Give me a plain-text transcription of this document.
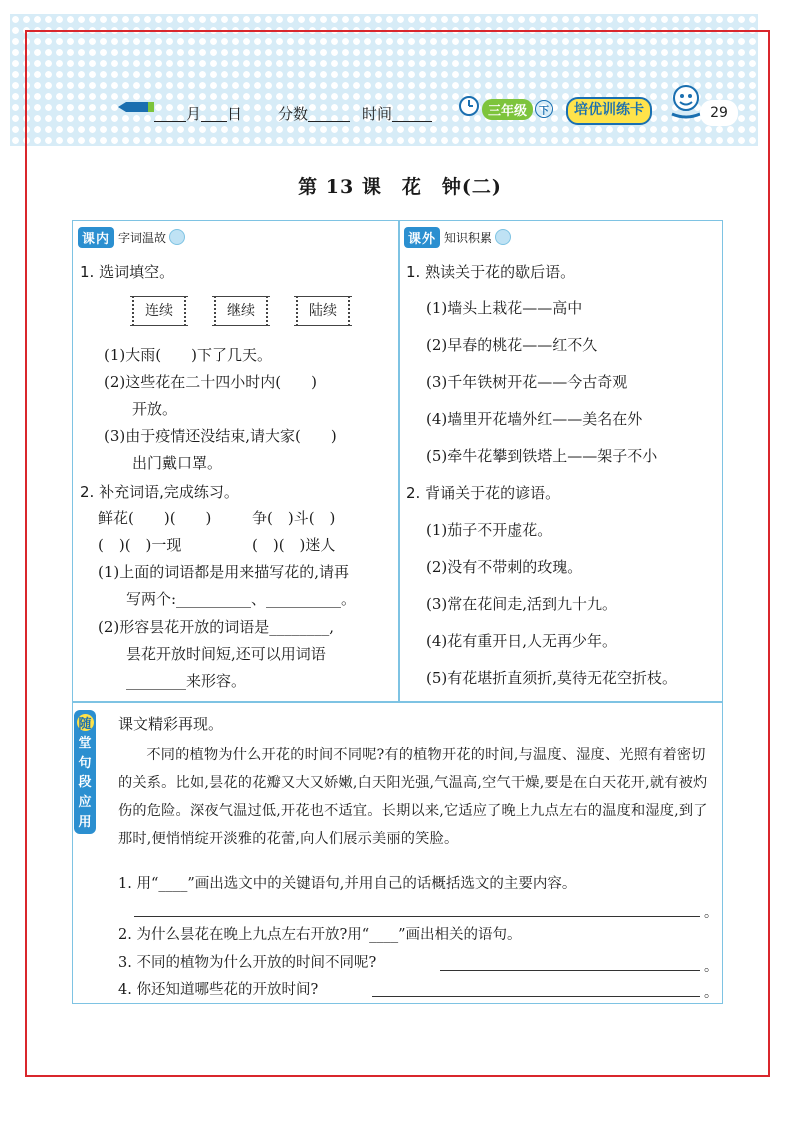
月 日 分数	时间	三年级	下	培优训练卡	29
第 13 课　花　钟(二)
课内 字词温故
1. 选词填空。
连续	继续	陆续
(1)大雨(　　)下了几天。
(2)这些花在二十四小时内(　　)
开放。
(3)由于疫情还没结束,请大家(　　)
出门戴口罩。
2. 补充词语,完成练习。
鲜花(　　)(　　)	争(　)斗(　)
(　)(　)一现	(　)(　)迷人
(1)上面的词语都是用来描写花的,请再
写两个:__________、__________。
(2)形容昙花开放的词语是________,
昙花开放时间短,还可以用词语
________来形容。
课外 知识积累
1. 熟读关于花的歇后语。
(1)墙头上栽花——高中
(2)早春的桃花——红不久
(3)千年铁树开花——今古奇观
(4)墙里开花墙外红——美名在外
(5)牵牛花攀到铁塔上——架子不小
2. 背诵关于花的谚语。
(1)茄子不开虚花。
(2)没有不带刺的玫瑰。
(3)常在花间走,活到九十九。
(4)花有重开日,人无再少年。
(5)有花堪折直须折,莫待无花空折枝。
随
堂
句
段
应
用
课文精彩再现。
不同的植物为什么开花的时间不同呢?有的植物开花的时间,与温度、湿度、光照有着密切的关系。比如,昙花的花瓣又大又娇嫩,白天阳光强,气温高,空气干燥,要是在白天花开,就有被灼伤的危险。深夜气温过低,开花也不适宜。长期以来,它适应了晚上九点左右的温度和湿度,到了那时,便悄悄绽开淡雅的花蕾,向人们展示美丽的笑脸。
1. 用“____”画出选文中的关键语句,并用自己的话概括选文的主要内容。
。
2. 为什么昙花在晚上九点左右开放?用“____”画出相关的语句。
3. 不同的植物为什么开放的时间不同呢?	。
4. 你还知道哪些花的开放时间?	。
